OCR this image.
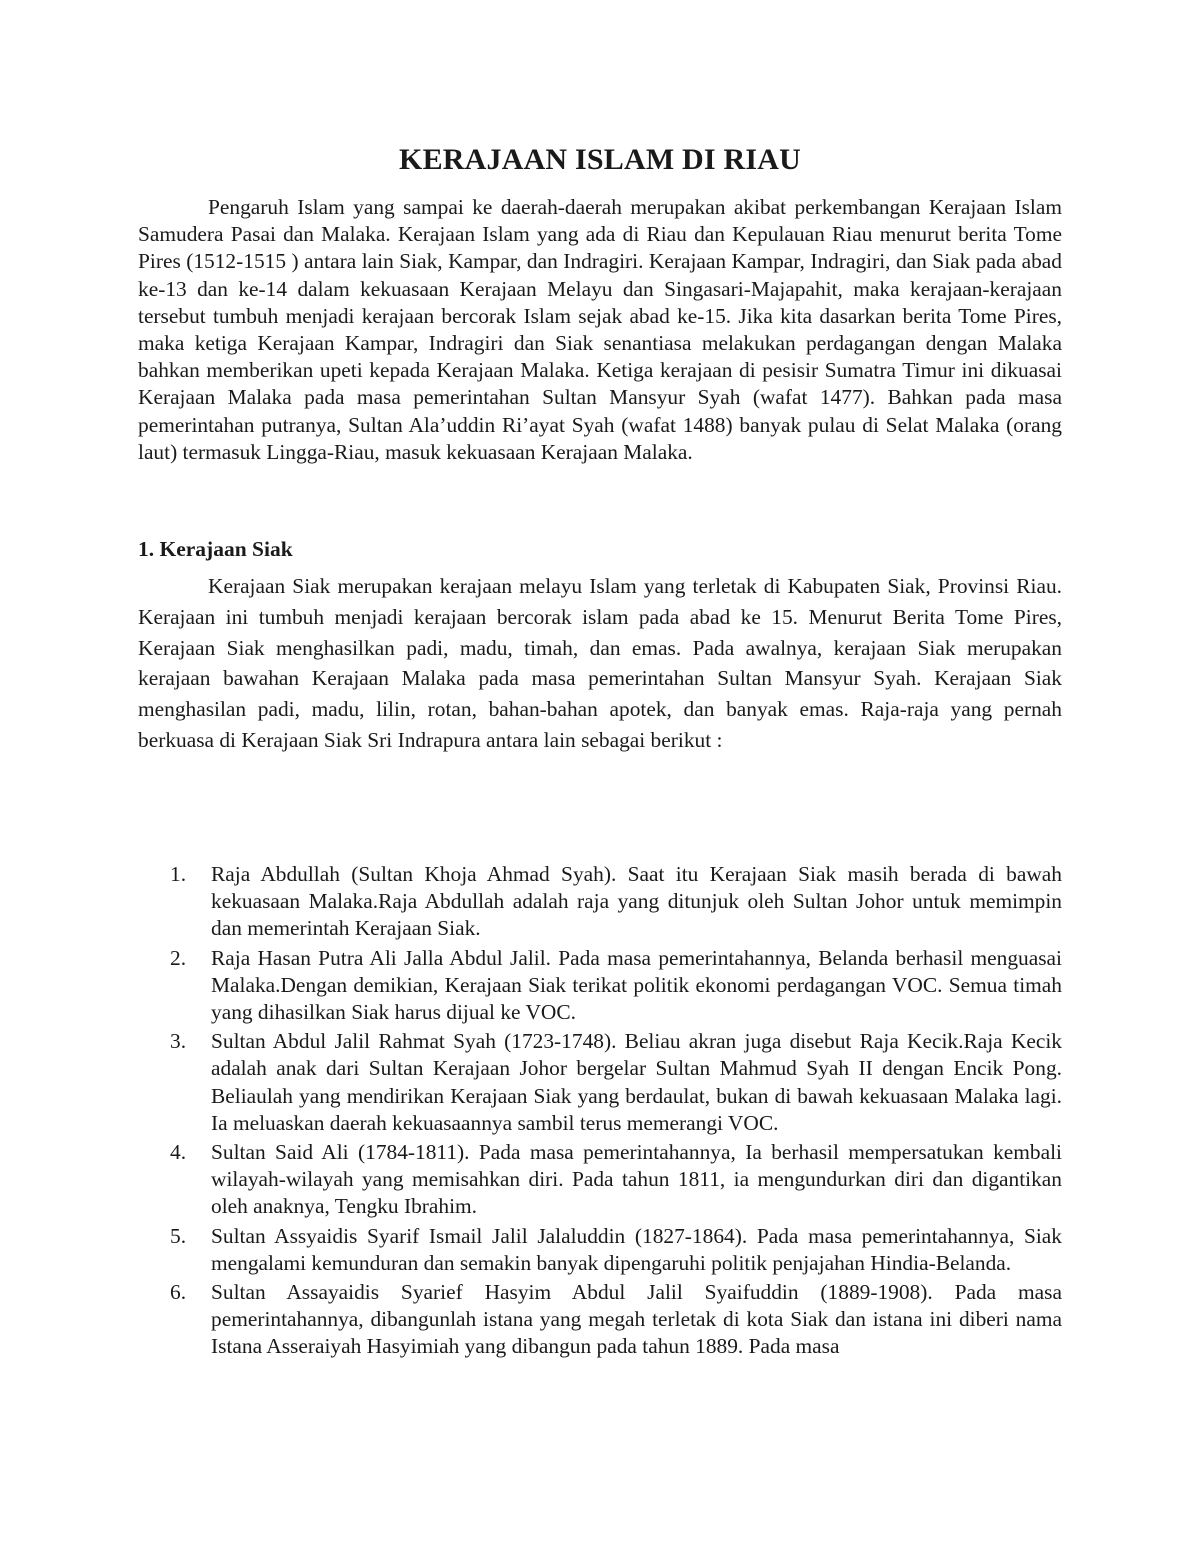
KERAJAAN ISLAM DI RIAU

Pengaruh Islam yang sampai ke daerah-daerah merupakan akibat perkembangan Kerajaan Islam Samudera Pasai dan Malaka. Kerajaan Islam yang ada di Riau dan Kepulauan Riau menurut berita Tome Pires (1512-1515 ) antara lain Siak, Kampar, dan Indragiri. Kerajaan Kampar, Indragiri, dan Siak pada abad ke-13 dan ke-14 dalam kekuasaan Kerajaan Melayu dan Singasari-Majapahit, maka kerajaan-kerajaan tersebut tumbuh menjadi kerajaan bercorak Islam sejak abad ke-15. Jika kita dasarkan berita Tome Pires, maka ketiga Kerajaan Kampar, Indragiri dan Siak senantiasa melakukan perdagangan dengan Malaka bahkan memberikan upeti kepada Kerajaan Malaka. Ketiga kerajaan di pesisir Sumatra Timur ini dikuasai Kerajaan Malaka pada masa pemerintahan Sultan Mansyur Syah (wafat 1477). Bahkan pada masa pemerintahan putranya, Sultan Ala’uddin Ri’ayat Syah (wafat 1488) banyak pulau di Selat Malaka (orang laut) termasuk Lingga-Riau, masuk kekuasaan Kerajaan Malaka.

1. Kerajaan Siak

Kerajaan Siak merupakan kerajaan melayu Islam yang terletak di Kabupaten Siak, Provinsi Riau. Kerajaan ini tumbuh menjadi kerajaan bercorak islam pada abad ke 15. Menurut Berita Tome Pires, Kerajaan Siak menghasilkan padi, madu, timah, dan emas. Pada awalnya, kerajaan Siak merupakan kerajaan bawahan Kerajaan Malaka pada masa pemerintahan Sultan Mansyur Syah. Kerajaan Siak menghasilan padi, madu, lilin, rotan, bahan-bahan apotek, dan banyak emas. Raja-raja yang pernah berkuasa di Kerajaan Siak Sri Indrapura antara lain sebagai berikut :

1. Raja Abdullah (Sultan Khoja Ahmad Syah). Saat itu Kerajaan Siak masih berada di bawah kekuasaan Malaka.Raja Abdullah adalah raja yang ditunjuk oleh Sultan Johor untuk memimpin dan memerintah Kerajaan Siak.
2. Raja Hasan Putra Ali Jalla Abdul Jalil. Pada masa pemerintahannya, Belanda berhasil menguasai Malaka.Dengan demikian, Kerajaan Siak terikat politik ekonomi perdagangan VOC. Semua timah yang dihasilkan Siak harus dijual ke VOC.
3. Sultan Abdul Jalil Rahmat Syah (1723-1748). Beliau akran juga disebut Raja Kecik.Raja Kecik adalah anak dari Sultan Kerajaan Johor bergelar Sultan Mahmud Syah II dengan Encik Pong. Beliaulah yang mendirikan Kerajaan Siak yang berdaulat, bukan di bawah kekuasaan Malaka lagi. Ia meluaskan daerah kekuasaannya sambil terus memerangi VOC.
4. Sultan Said Ali (1784-1811). Pada masa pemerintahannya, Ia berhasil mempersatukan kembali wilayah-wilayah yang memisahkan diri. Pada tahun 1811, ia mengundurkan diri dan digantikan oleh anaknya, Tengku Ibrahim.
5. Sultan Assyaidis Syarif Ismail Jalil Jalaluddin (1827-1864). Pada masa pemerintahannya, Siak mengalami kemunduran dan semakin banyak dipengaruhi politik penjajahan Hindia-Belanda.
6. Sultan Assayaidis Syarief Hasyim Abdul Jalil Syaifuddin (1889-1908). Pada masa pemerintahannya, dibangunlah istana yang megah terletak di kota Siak dan istana ini diberi nama Istana Asseraiyah Hasyimiah yang dibangun pada tahun 1889. Pada masa
